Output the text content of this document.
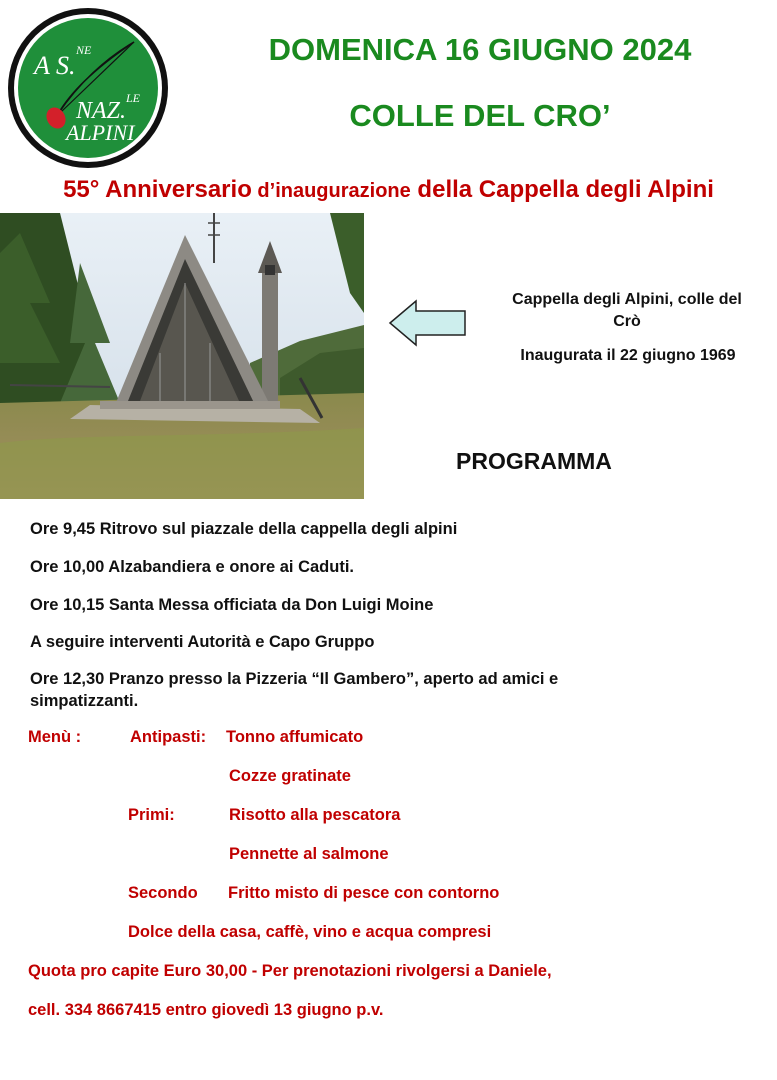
A S.
NE
LE
NAZ.
ALPINI
DOMENICA 16 GIUGNO 2024
COLLE DEL CRO’
55° Anniversario d’inaugurazione della Cappella degli Alpini
Cappella degli Alpini, colle del Crò
Inaugurata il 22 giugno 1969
PROGRAMMA
Ore 9,45 Ritrovo sul piazzale della cappella degli alpini
Ore 10,00 Alzabandiera e onore ai Caduti.
Ore 10,15 Santa Messa officiata da Don Luigi Moine
A seguire interventi Autorità e Capo Gruppo
Ore 12,30 Pranzo presso la Pizzeria “Il Gambero”, aperto ad amici e
simpatizzanti.
Menù :	Antipasti: Tonno affumicato
Cozze gratinate
Primi:	Risotto alla pescatora
Pennette al salmone
Secondo Fritto misto di pesce con contorno
Dolce della casa, caffè, vino e acqua compresi
Quota pro capite Euro 30,00 - Per prenotazioni rivolgersi a Daniele,
cell. 334 8667415 entro giovedì 13 giugno p.v.
